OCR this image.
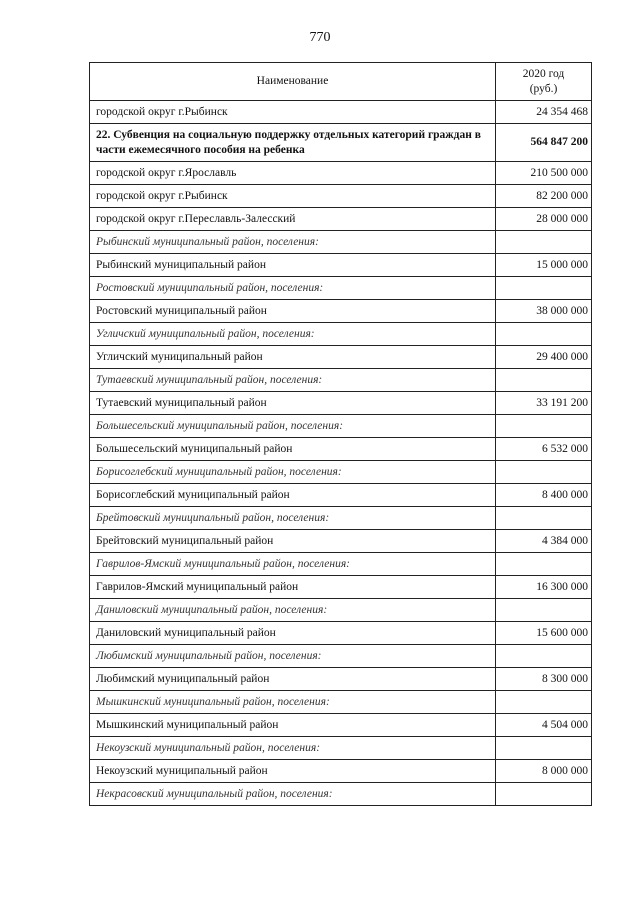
770
Наименование	2020 год
(руб.)
городской округ г.Рыбинск	24 354 468
22. Субвенция на социальную поддержку отдельных категорий граждан в части ежемесячного пособия на ребенка	564 847 200
городской округ г.Ярославль	210 500 000
городской округ г.Рыбинск	82 200 000
городской округ г.Переславль-Залесский	28 000 000
Рыбинский муниципальный район, поселения:	
Рыбинский муниципальный район	15 000 000
Ростовский муниципальный район, поселения:	
Ростовский муниципальный район	38 000 000
Угличский муниципальный район, поселения:	
Угличский муниципальный район	29 400 000
Тутаевский муниципальный район, поселения:	
Тутаевский муниципальный район	33 191 200
Большесельский муниципальный район, поселения:	
Большесельский муниципальный район	6 532 000
Борисоглебский муниципальный район, поселения:	
Борисоглебский муниципальный район	8 400 000
Брейтовский муниципальный район, поселения:	
Брейтовский муниципальный район	4 384 000
Гаврилов-Ямский муниципальный район, поселения:	
Гаврилов-Ямский муниципальный район	16 300 000
Даниловский муниципальный район, поселения:	
Даниловский муниципальный район	15 600 000
Любимский муниципальный район, поселения:	
Любимский муниципальный район	8 300 000
Мышкинский муниципальный район, поселения:	
Мышкинский муниципальный район	4 504 000
Некоузский муниципальный район, поселения:	
Некоузский муниципальный район	8 000 000
Некрасовский муниципальный район, поселения:	
